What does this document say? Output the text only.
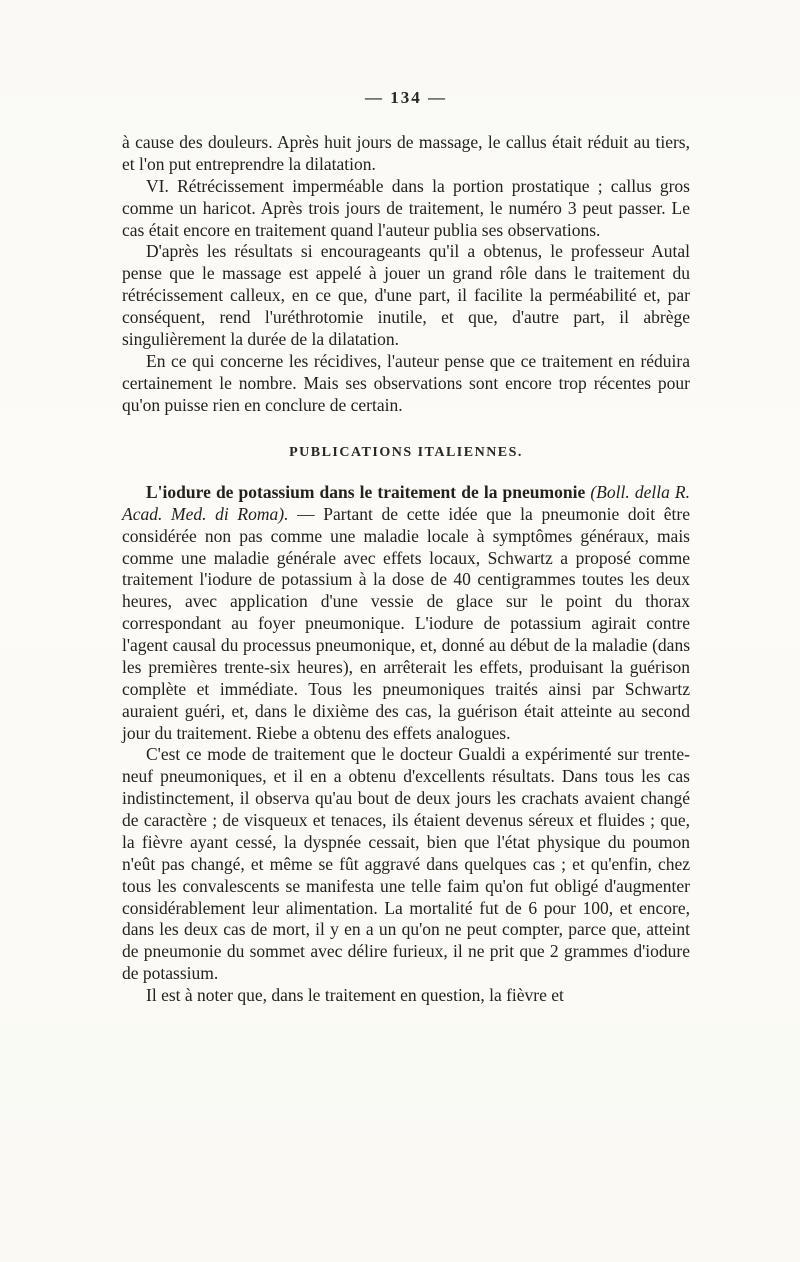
— 134 —

à cause des douleurs. Après huit jours de massage, le callus était réduit au tiers, et l'on put entreprendre la dilatation.

VI. Rétrécissement imperméable dans la portion prostatique ; callus gros comme un haricot. Après trois jours de traitement, le numéro 3 peut passer. Le cas était encore en traitement quand l'auteur publia ses observations.

D'après les résultats si encourageants qu'il a obtenus, le professeur Autal pense que le massage est appelé à jouer un grand rôle dans le traitement du rétrécissement calleux, en ce que, d'une part, il facilite la perméabilité et, par conséquent, rend l'uréthrotomie inutile, et que, d'autre part, il abrège singulièrement la durée de la dilatation.

En ce qui concerne les récidives, l'auteur pense que ce traitement en réduira certainement le nombre. Mais ses observations sont encore trop récentes pour qu'on puisse rien en conclure de certain.

PUBLICATIONS ITALIENNES.

L'iodure de potassium dans le traitement de la pneumonie (Boll. della R. Acad. Med. di Roma). — Partant de cette idée que la pneumonie doit être considérée non pas comme une maladie locale à symptômes généraux, mais comme une maladie générale avec effets locaux, Schwartz a proposé comme traitement l'iodure de potassium à la dose de 40 centigrammes toutes les deux heures, avec application d'une vessie de glace sur le point du thorax correspondant au foyer pneumonique. L'iodure de potassium agirait contre l'agent causal du processus pneumonique, et, donné au début de la maladie (dans les premières trente-six heures), en arrêterait les effets, produisant la guérison complète et immédiate. Tous les pneumoniques traités ainsi par Schwartz auraient guéri, et, dans le dixième des cas, la guérison était atteinte au second jour du traitement. Riebe a obtenu des effets analogues.

C'est ce mode de traitement que le docteur Gualdi a expérimenté sur trente-neuf pneumoniques, et il en a obtenu d'excellents résultats. Dans tous les cas indistinctement, il observa qu'au bout de deux jours les crachats avaient changé de caractère ; de visqueux et tenaces, ils étaient devenus séreux et fluides ; que, la fièvre ayant cessé, la dyspnée cessait, bien que l'état physique du poumon n'eût pas changé, et même se fût aggravé dans quelques cas ; et qu'enfin, chez tous les convalescents se manifesta une telle faim qu'on fut obligé d'augmenter considérablement leur alimentation. La mortalité fut de 6 pour 100, et encore, dans les deux cas de mort, il y en a un qu'on ne peut compter, parce que, atteint de pneumonie du sommet avec délire furieux, il ne prit que 2 grammes d'iodure de potassium.

Il est à noter que, dans le traitement en question, la fièvre et
